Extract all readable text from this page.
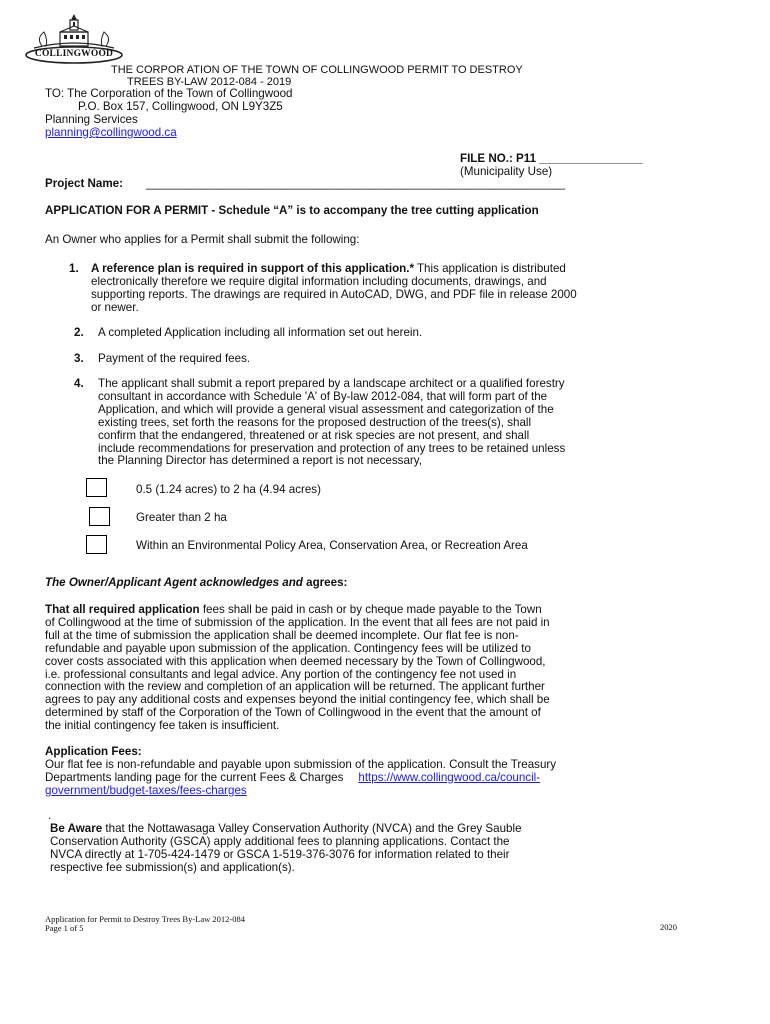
COLLINGWOOD
THE CORPOR ATION OF THE TOWN OF COLLINGWOOD PERMIT TO DESTROY
TREES BY-LAW 2012-084 - 2019
TO: The Corporation of the Town of Collingwood
P.O. Box 157, Collingwood, ON L9Y3Z5
Planning Services
planning@collingwood.ca
FILE NO.: P11 ________________
(Municipality Use)
Project Name: _________________________________________________________________
APPLICATION FOR A PERMIT - Schedule “A” is to accompany the tree cutting application
An Owner who applies for a Permit shall submit the following:
1. A reference plan is required in support of this application.* This application is distributed
electronically therefore we require digital information including documents, drawings, and
supporting reports. The drawings are required in AutoCAD, DWG, and PDF file in release 2000
or newer.
2. A completed Application including all information set out herein.
3. Payment of the required fees.
4. The applicant shall submit a report prepared by a landscape architect or a qualified forestry
consultant in accordance with Schedule 'A' of By-law 2012-084, that will form part of the
Application, and which will provide a general visual assessment and categorization of the
existing trees, set forth the reasons for the proposed destruction of the trees(s), shall
confirm that the endangered, threatened or at risk species are not present, and shall
include recommendations for preservation and protection of any trees to be retained unless
the Planning Director has determined a report is not necessary,
0.5 (1.24 acres) to 2 ha (4.94 acres)
Greater than 2 ha
Within an Environmental Policy Area, Conservation Area, or Recreation Area
The Owner/Applicant Agent acknowledges and agrees:
That all required application fees shall be paid in cash or by cheque made payable to the Town
of Collingwood at the time of submission of the application. In the event that all fees are not paid in
full at the time of submission the application shall be deemed incomplete. Our flat fee is non-
refundable and payable upon submission of the application. Contingency fees will be utilized to
cover costs associated with this application when deemed necessary by the Town of Collingwood,
i.e. professional consultants and legal advice. Any portion of the contingency fee not used in
connection with the review and completion of an application will be returned. The applicant further
agrees to pay any additional costs and expenses beyond the initial contingency fee, which shall be
determined by staff of the Corporation of the Town of Collingwood in the event that the amount of
the initial contingency fee taken is insufficient.
Application Fees:
Our flat fee is non-refundable and payable upon submission of the application. Consult the Treasury
Departments landing page for the current Fees & Charges https://www.collingwood.ca/council-
government/budget-taxes/fees-charges
.
Be Aware that the Nottawasaga Valley Conservation Authority (NVCA) and the Grey Sauble
Conservation Authority (GSCA) apply additional fees to planning applications. Contact the
NVCA directly at 1-705-424-1479 or GSCA 1-519-376-3076 for information related to their
respective fee submission(s) and application(s).
Application for Permit to Destroy Trees By-Law 2012-084
Page 1 of 5	2020
